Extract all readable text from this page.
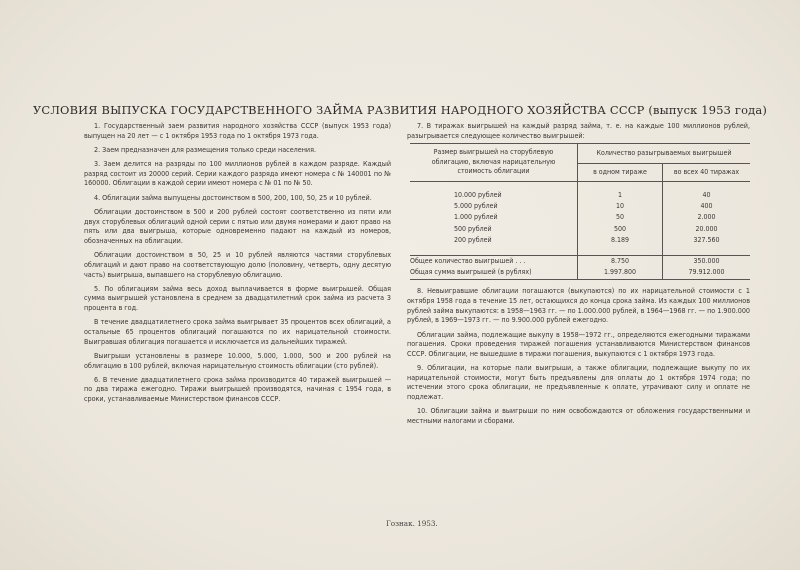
УСЛОВИЯ ВЫПУСКА ГОСУДАРСТВЕННОГО ЗАЙМА РАЗВИТИЯ НАРОДНОГО ХОЗЯЙСТВА СССР (выпуск 1953 года)

1. Государственный заем развития народного хозяйства СССР (выпуск 1953 года) выпущен на 20 лет — с 1 октября 1953 года по 1 октября 1973 года.

2. Заем предназначен для размещения только среди населения.

3. Заем делится на разряды по 100 миллионов рублей в каждом разряде. Каждый разряд состоит из 20000 серий. Серии каждого разряда имеют номера с № 140001 по № 160000. Облигации в каждой серии имеют номера с № 01 по № 50.

4. Облигации займа выпущены достоинством в 500, 200, 100, 50, 25 и 10 рублей.

Облигации достоинством в 500 и 200 рублей состоят соответственно из пяти или двух сторублевых облигаций одной серии с пятью или двумя номерами и дают право на пять или два выигрыша, которые одновременно падают на каждый из номеров, обозначенных на облигации.

Облигации достоинством в 50, 25 и 10 рублей являются частями сторублевых облигаций и дают право на соответствующую долю (половину, четверть, одну десятую часть) выигрыша, выпавшего на сторублевую облигацию.

5. По облигациям займа весь доход выплачивается в форме выигрышей. Общая сумма выигрышей установлена в среднем за двадцатилетний срок займа из расчета 3 процента в год.

В течение двадцатилетнего срока займа выигрывает 35 процентов всех облигаций, а остальные 65 процентов облигаций погашаются по их нарицательной стоимости. Выигравшая облигация погашается и исключается из дальнейших тиражей.

Выигрыши установлены в размере 10.000, 5.000, 1.000, 500 и 200 рублей на облигацию в 100 рублей, включая нарицательную стоимость облигации (сто рублей).

6. В течение двадцатилетнего срока займа производится 40 тиражей выигрышей — по два тиража ежегодно. Тиражи выигрышей производятся, начиная с 1954 года, в сроки, устанавливаемые Министерством финансов СССР.

7. В тиражах выигрышей на каждый разряд займа, т. е. на каждые 100 миллионов рублей, разыгрывается следующее количество выигрышей:

Размер выигрышей на сторублевую облигацию, включая нарицательную стоимость облигации	Количество разыгрываемых выигрышей	
	в одном тираже	во всех 40 тиражах

10.000 рублей	1	40
5.000 рублей	10	400
1.000 рублей	50	2.000
500 рублей	500	20.000
200 рублей	8.189	327.560

Общее количество выигрышей . . .	8.750	350.000
Общая сумма выигрышей (в рублях)	1.997.800	79.912.000

8. Невыигравшие облигации погашаются (выкупаются) по их нарицательной стоимости с 1 октября 1958 года в течение 15 лет, остающихся до конца срока займа. Из каждых 100 миллионов рублей займа выкупаются: в 1958—1963 гг. — по 1.000.000 рублей, в 1964—1968 гг. — по 1.900.000 рублей, в 1969—1973 гг. — по 9.900.000 рублей ежегодно.

Облигации займа, подлежащие выкупу в 1958—1972 гг., определяются ежегодными тиражами погашения. Сроки проведения тиражей погашения устанавливаются Министерством финансов СССР. Облигации, не вышедшие в тиражи погашения, выкупаются с 1 октября 1973 года.

9. Облигации, на которые пали выигрыши, а также облигации, подлежащие выкупу по их нарицательной стоимости, могут быть предъявлены для оплаты до 1 октября 1974 года; по истечении этого срока облигации, не предъявленные к оплате, утрачивают силу и оплате не подлежат.

10. Облигации займа и выигрыши по ним освобождаются от обложения государственными и местными налогами и сборами.

Гознак. 1953.
